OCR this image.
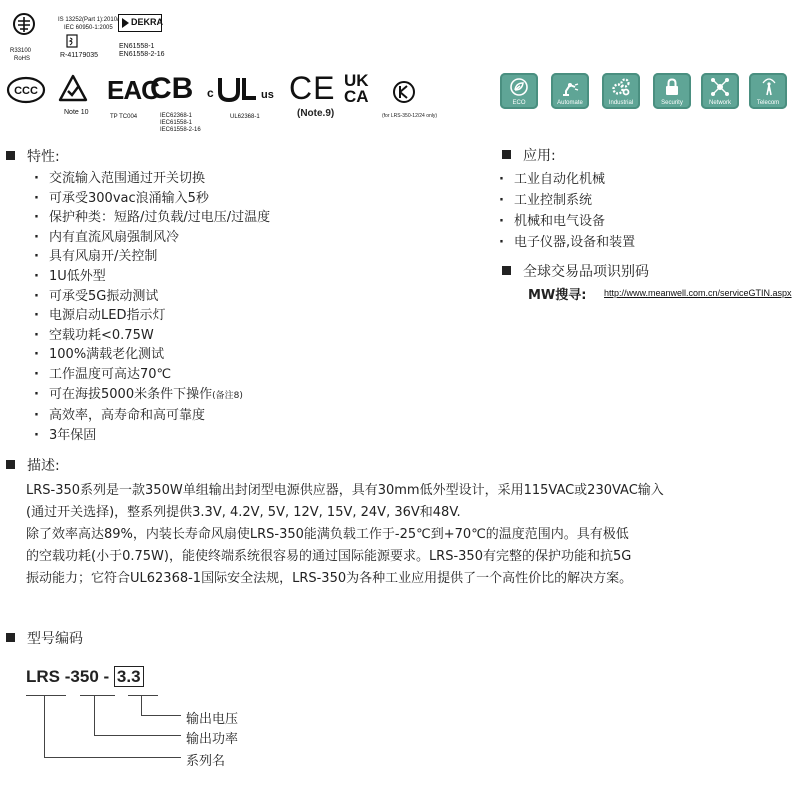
R33100
RoHS
IS 13252(Part 1):2010/
IEC 60950-1:2005
R-41179035
DEKRA
EN61558-1
EN61558-2-16
CCC
Note 10
EAC
TP TC004
CB
IEC62368-1
IEC61558-1
IEC61558-2-16
c	us
UL62368-1
CE
(Note.9)
UK
CA
(for LRS-350-12/24 only)
ECO	Automate	Industrial	Security	Network	Telecom
特性:
· 交流输入范围通过开关切换
· 可承受300vac浪涌输入5秒
· 保护种类：短路/过负载/过电压/过温度
· 内有直流风扇强制风冷
· 具有风扇开/关控制
· 1U低外型
· 可承受5G振动测试
· 电源启动LED指示灯
· 空载功耗<0.75W
· 100%满载老化测试
· 工作温度可高达70℃
· 可在海拔5000米条件下操作(备注8)
· 高效率，高寿命和高可靠度
· 3年保固
应用:
· 工业自动化机械
· 工业控制系统
· 机械和电气设备
· 电子仪器,设备和装置
全球交易品项识别码
MW搜寻: http://www.meanwell.com.cn/serviceGTIN.aspx
描述:
LRS-350系列是一款350W单组输出封闭型电源供应器，具有30mm低外型设计，采用115VAC或230VAC输入
(通过开关选择)，整系列提供3.3V, 4.2V, 5V, 12V, 15V, 24V, 36V和48V.
除了效率高达89%，内装长寿命风扇使LRS-350能满负载工作于-25℃到+70℃的温度范围内。具有极低
的空载功耗(小于0.75W)，能使终端系统很容易的通过国际能源要求。LRS-350有完整的保护功能和抗5G
振动能力；它符合UL62368-1国际安全法规，LRS-350为各种工业应用提供了一个高性价比的解决方案。
型号编码
LRS -350 - 3.3
输出电压
输出功率
系列名
